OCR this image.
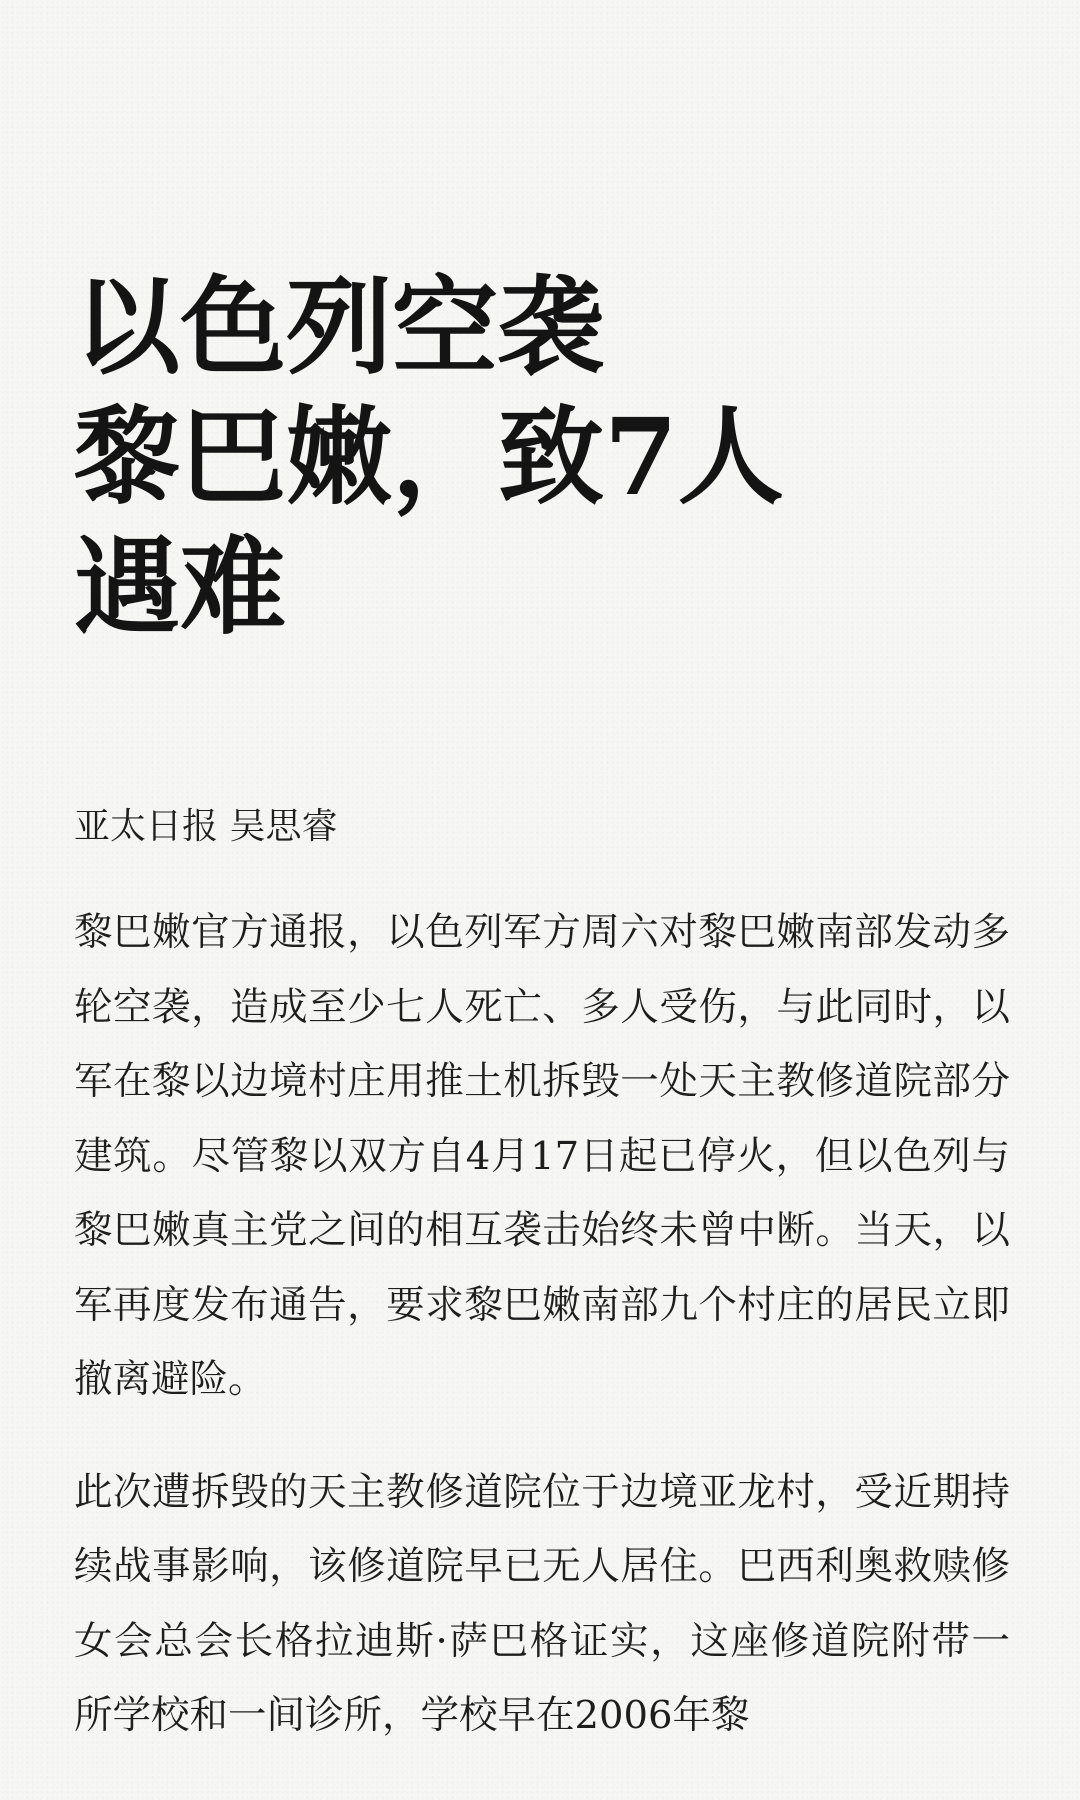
以色列空袭
黎巴嫩，致7人
遇难

亚太日报 吴思睿

黎巴嫩官方通报，以色列军方周六对黎巴嫩南部发动多轮空袭，造成至少七人死亡、多人受伤，与此同时，以军在黎以边境村庄用推土机拆毁一处天主教修道院部分建筑。尽管黎以双方自4月17日起已停火，但以色列与黎巴嫩真主党之间的相互袭击始终未曾中断。当天，以军再度发布通告，要求黎巴嫩南部九个村庄的居民立即撤离避险。

此次遭拆毁的天主教修道院位于边境亚龙村，受近期持续战事影响，该修道院早已无人居住。巴西利奥救赎修女会总会长格拉迪斯·萨巴格证实，这座修道院附带一所学校和一间诊所，学校早在2006年黎
